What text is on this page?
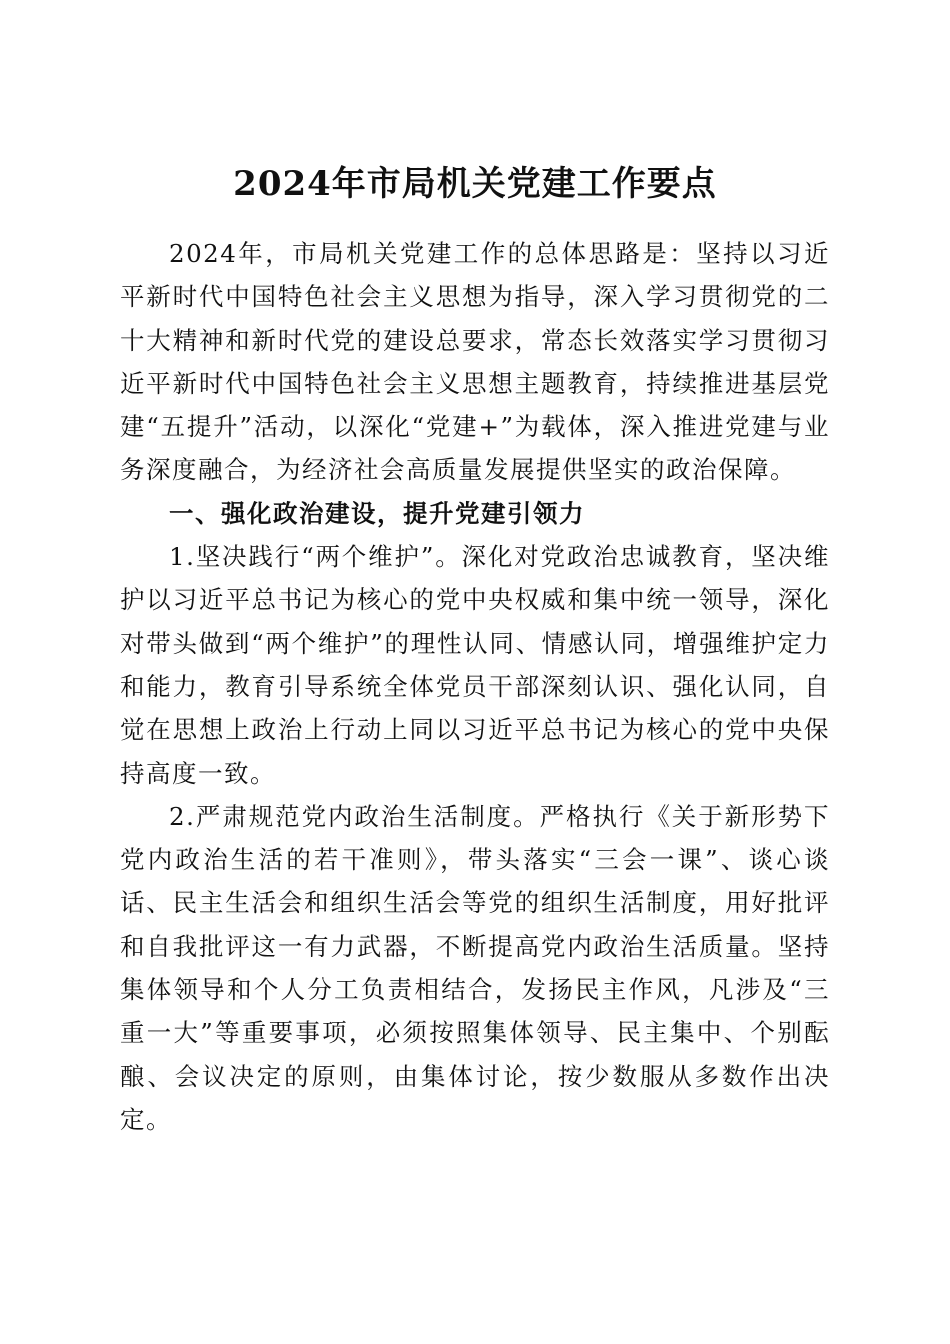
2024年市局机关党建工作要点

2024年，市局机关党建工作的总体思路是：坚持以习近平新时代中国特色社会主义思想为指导，深入学习贯彻党的二十大精神和新时代党的建设总要求，常态长效落实学习贯彻习近平新时代中国特色社会主义思想主题教育，持续推进基层党建“五提升”活动，以深化“党建+”为载体，深入推进党建与业务深度融合，为经济社会高质量发展提供坚实的政治保障。

一、强化政治建设，提升党建引领力

1.坚决践行“两个维护”。深化对党政治忠诚教育，坚决维护以习近平总书记为核心的党中央权威和集中统一领导，深化对带头做到“两个维护”的理性认同、情感认同，增强维护定力和能力，教育引导系统全体党员干部深刻认识、强化认同，自觉在思想上政治上行动上同以习近平总书记为核心的党中央保持高度一致。

2.严肃规范党内政治生活制度。严格执行《关于新形势下党内政治生活的若干准则》，带头落实“三会一课”、谈心谈话、民主生活会和组织生活会等党的组织生活制度，用好批评和自我批评这一有力武器，不断提高党内政治生活质量。坚持集体领导和个人分工负责相结合，发扬民主作风，凡涉及“三重一大”等重要事项，必须按照集体领导、民主集中、个别酝酿、会议决定的原则，由集体讨论，按少数服从多数作出决定。
